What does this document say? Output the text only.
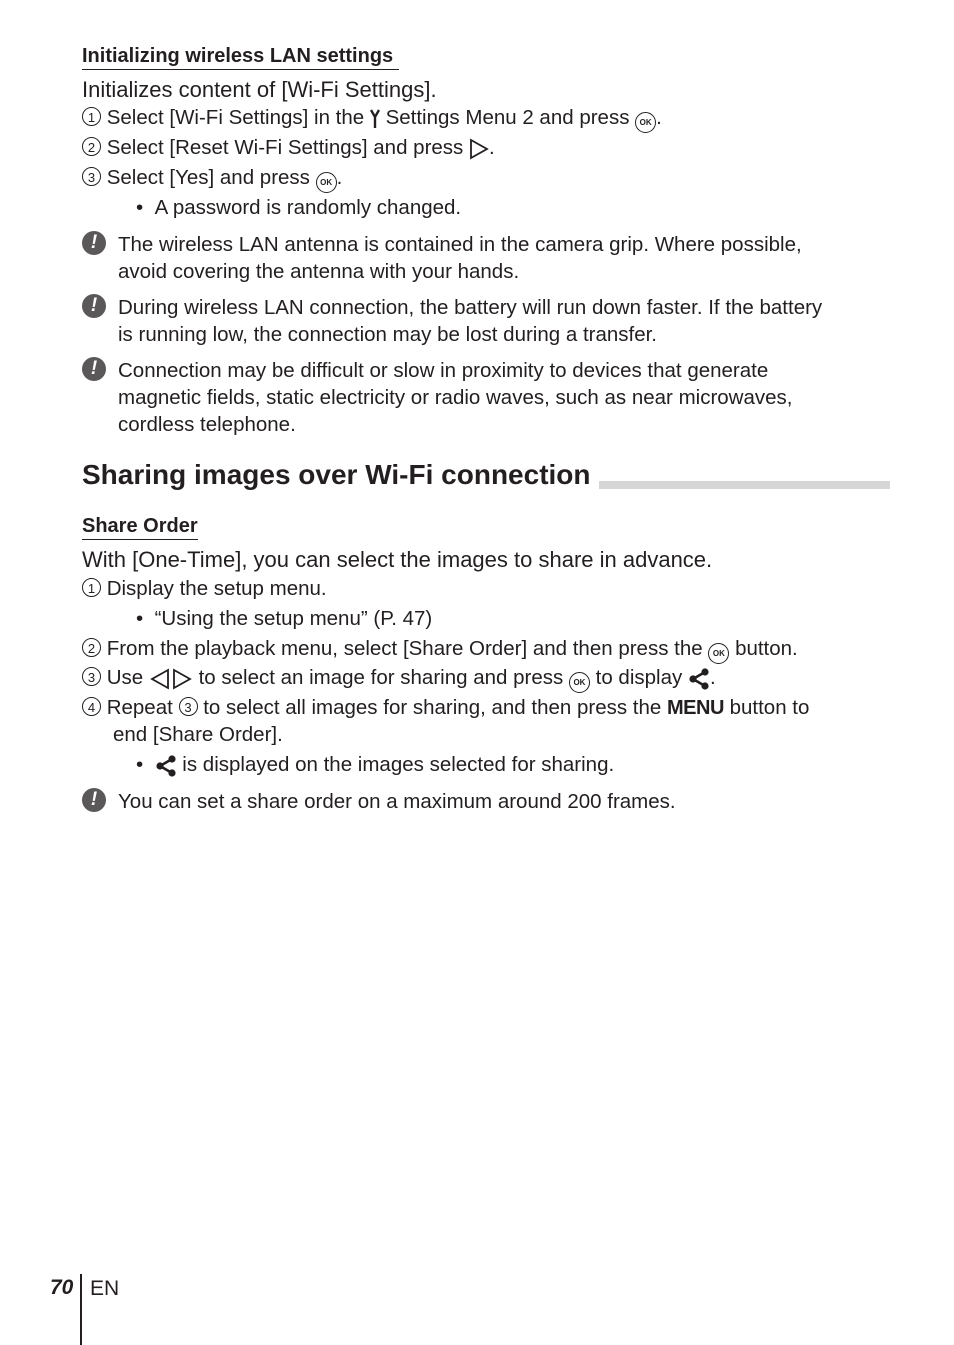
Initializing wireless LAN settings
Initializes content of [Wi-Fi Settings].
1 Select [Wi-Fi Settings] in the Settings Menu 2 and press OK .
2 Select [Reset Wi-Fi Settings] and press .
3 Select [Yes] and press OK .
• A password is randomly changed.
!	The wireless LAN antenna is contained in the camera grip. Where possible,
avoid covering the antenna with your hands.
!	During wireless LAN connection, the battery will run down faster. If the battery
is running low, the connection may be lost during a transfer.
!	Connection may be difficult or slow in proximity to devices that generate
magnetic fields, static electricity or radio waves, such as near microwaves,
cordless telephone.
Sharing images over Wi-Fi connection
Share Order
With [One-Time], you can select the images to share in advance.
1 Display the setup menu.
• “Using the setup menu” (P. 47)
2 From the playback menu, select [Share Order] and then press the OK button.
3 Use	to select an image for sharing and press OK to display .
4 Repeat 3 to select all images for sharing, and then press the MENU button to
end [Share Order].
• is displayed on the images selected for sharing.
!	You can set a share order on a maximum around 200 frames.
70 EN
